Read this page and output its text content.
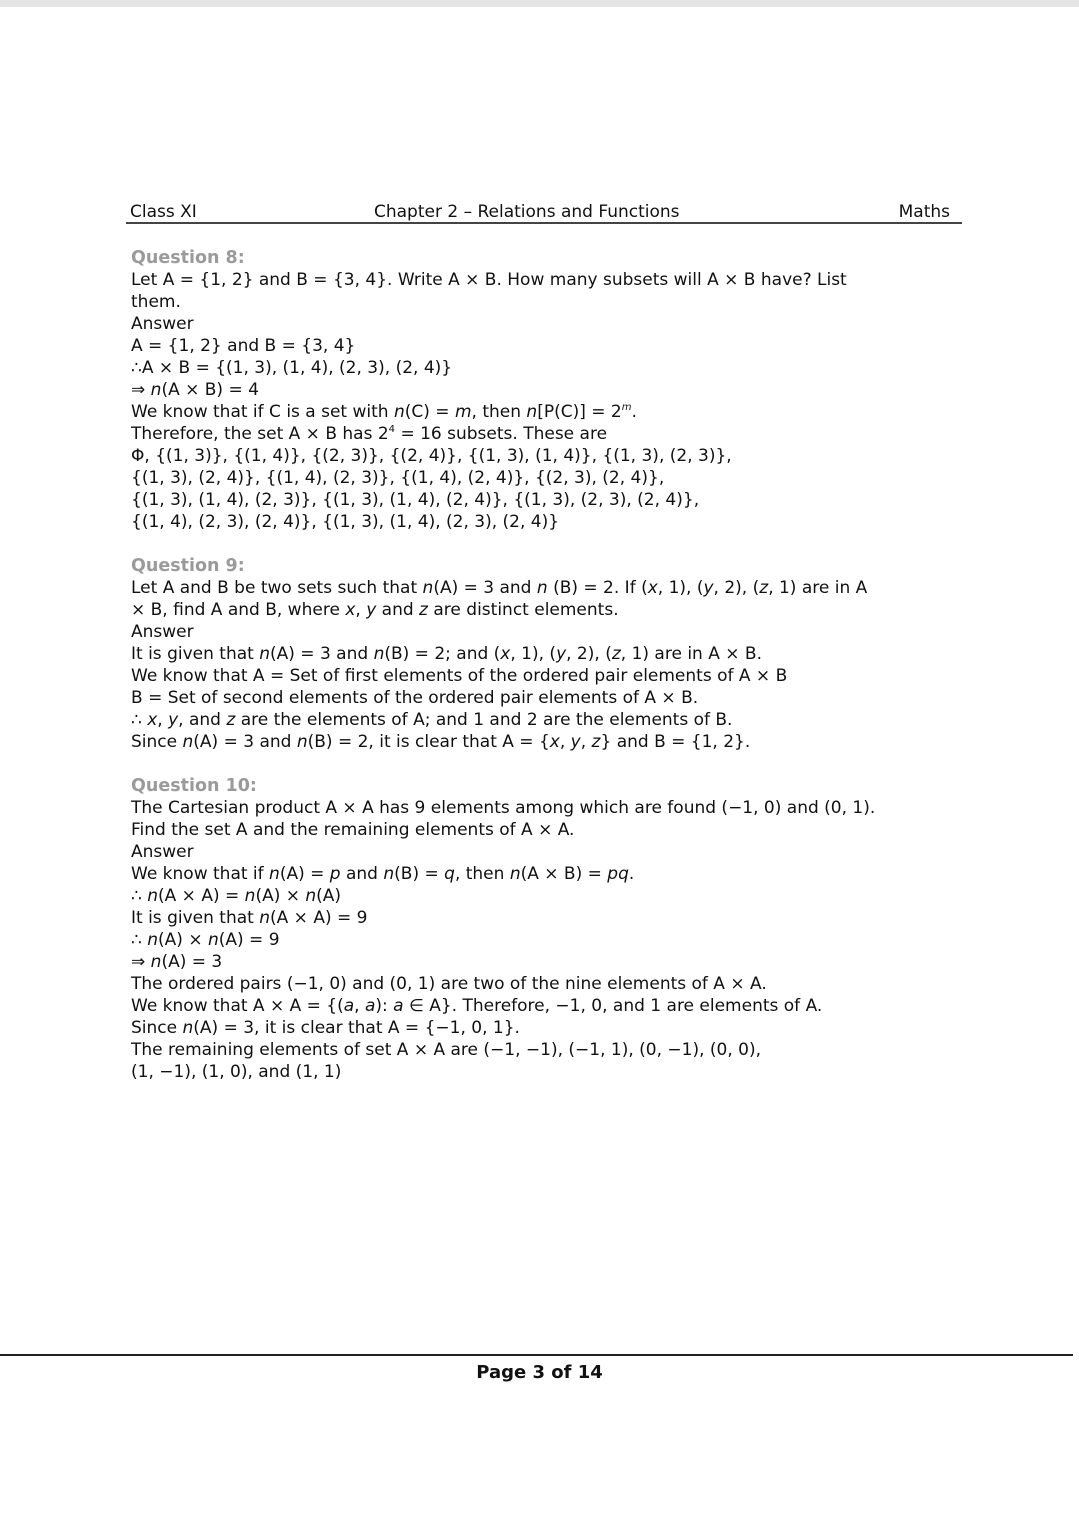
Class XI	Chapter 2 – Relations and Functions	Maths
Question 8:
Let A = {1, 2} and B = {3, 4}. Write A × B. How many subsets will A × B have? List
them.
Answer
A = {1, 2} and B = {3, 4}
∴A × B = {(1, 3), (1, 4), (2, 3), (2, 4)}
⇒ n(A × B) = 4
We know that if C is a set with n(C) = m, then $n[P(C)] = 2^m$.
Therefore, the set A × B has $2^4 = 16$ subsets. These are
Φ, {(1, 3)}, {(1, 4)}, {(2, 3)}, {(2, 4)}, {(1, 3), (1, 4)}, {(1, 3), (2, 3)},
{(1, 3), (2, 4)}, {(1, 4), (2, 3)}, {(1, 4), (2, 4)}, {(2, 3), (2, 4)},
{(1, 3), (1, 4), (2, 3)}, {(1, 3), (1, 4), (2, 4)}, {(1, 3), (2, 3), (2, 4)},
{(1, 4), (2, 3), (2, 4)}, {(1, 3), (1, 4), (2, 3), (2, 4)}
Question 9:
Let A and B be two sets such that n(A) = 3 and n (B) = 2. If (x, 1), (y, 2), (z, 1) are in A
× B, find A and B, where x, y and z are distinct elements.
Answer
It is given that n(A) = 3 and n(B) = 2; and (x, 1), (y, 2), (z, 1) are in A × B.
We know that A = Set of first elements of the ordered pair elements of A × B
B = Set of second elements of the ordered pair elements of A × B.
∴ x, y, and z are the elements of A; and 1 and 2 are the elements of B.
Since n(A) = 3 and n(B) = 2, it is clear that A = {x, y, z} and B = {1, 2}.
Question 10:
The Cartesian product A × A has 9 elements among which are found (−1, 0) and (0, 1).
Find the set A and the remaining elements of A × A.
Answer
We know that if n(A) = p and n(B) = q, then n(A × B) = pq.
∴ n(A × A) = n(A) × n(A)
It is given that n(A × A) = 9
∴ n(A) × n(A) = 9
⇒ n(A) = 3
The ordered pairs (−1, 0) and (0, 1) are two of the nine elements of A × A.
We know that A × A = {(a, a): a ∈ A}. Therefore, −1, 0, and 1 are elements of A.
Since n(A) = 3, it is clear that A = {−1, 0, 1}.
The remaining elements of set A × A are (−1, −1), (−1, 1), (0, −1), (0, 0),
(1, −1), (1, 0), and (1, 1)
Page 3 of 14
